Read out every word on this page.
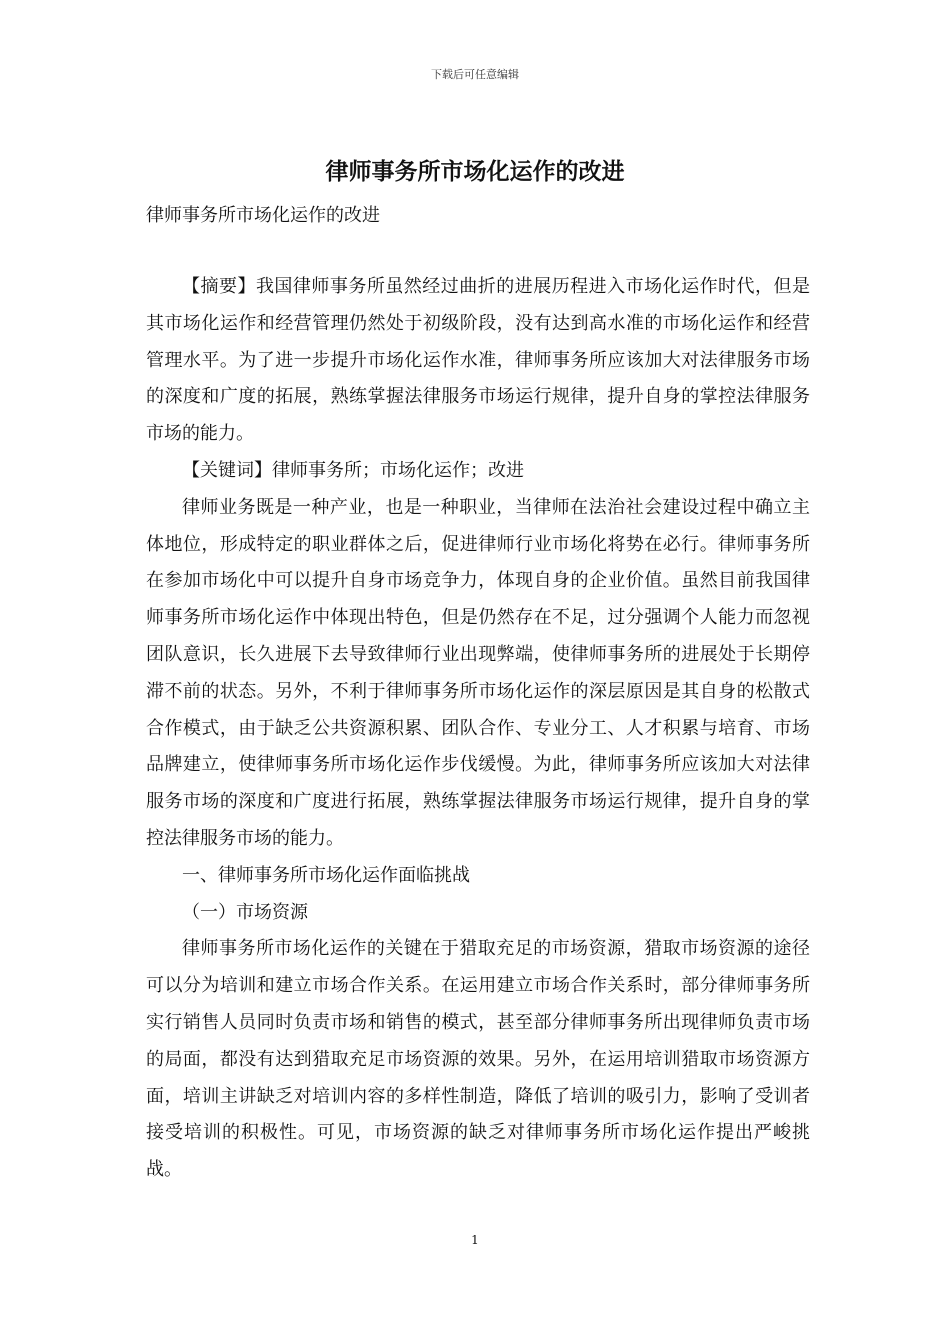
下载后可任意编辑
律师事务所市场化运作的改进
律师事务所市场化运作的改进

【摘要】我国律师事务所虽然经过曲折的进展历程进入市场化运作时代，但是其市场化运作和经营管理仍然处于初级阶段，没有达到高水准的市场化运作和经营管理水平。为了进一步提升市场化运作水准，律师事务所应该加大对法律服务市场的深度和广度的拓展，熟练掌握法律服务市场运行规律，提升自身的掌控法律服务市场的能力。

【关键词】律师事务所；市场化运作；改进

律师业务既是一种产业，也是一种职业，当律师在法治社会建设过程中确立主体地位，形成特定的职业群体之后，促进律师行业市场化将势在必行。律师事务所在参加市场化中可以提升自身市场竞争力，体现自身的企业价值。虽然目前我国律师事务所市场化运作中体现出特色，但是仍然存在不足，过分强调个人能力而忽视团队意识，长久进展下去导致律师行业出现弊端，使律师事务所的进展处于长期停滞不前的状态。另外，不利于律师事务所市场化运作的深层原因是其自身的松散式合作模式，由于缺乏公共资源积累、团队合作、专业分工、人才积累与培育、市场品牌建立，使律师事务所市场化运作步伐缓慢。为此，律师事务所应该加大对法律服务市场的深度和广度进行拓展，熟练掌握法律服务市场运行规律，提升自身的掌控法律服务市场的能力。

一、律师事务所市场化运作面临挑战

（一）市场资源

律师事务所市场化运作的关键在于猎取充足的市场资源，猎取市场资源的途径可以分为培训和建立市场合作关系。在运用建立市场合作关系时，部分律师事务所实行销售人员同时负责市场和销售的模式，甚至部分律师事务所出现律师负责市场的局面，都没有达到猎取充足市场资源的效果。另外，在运用培训猎取市场资源方面，培训主讲缺乏对培训内容的多样性制造，降低了培训的吸引力，影响了受训者接受培训的积极性。可见，市场资源的缺乏对律师事务所市场化运作提出严峻挑战。

1
